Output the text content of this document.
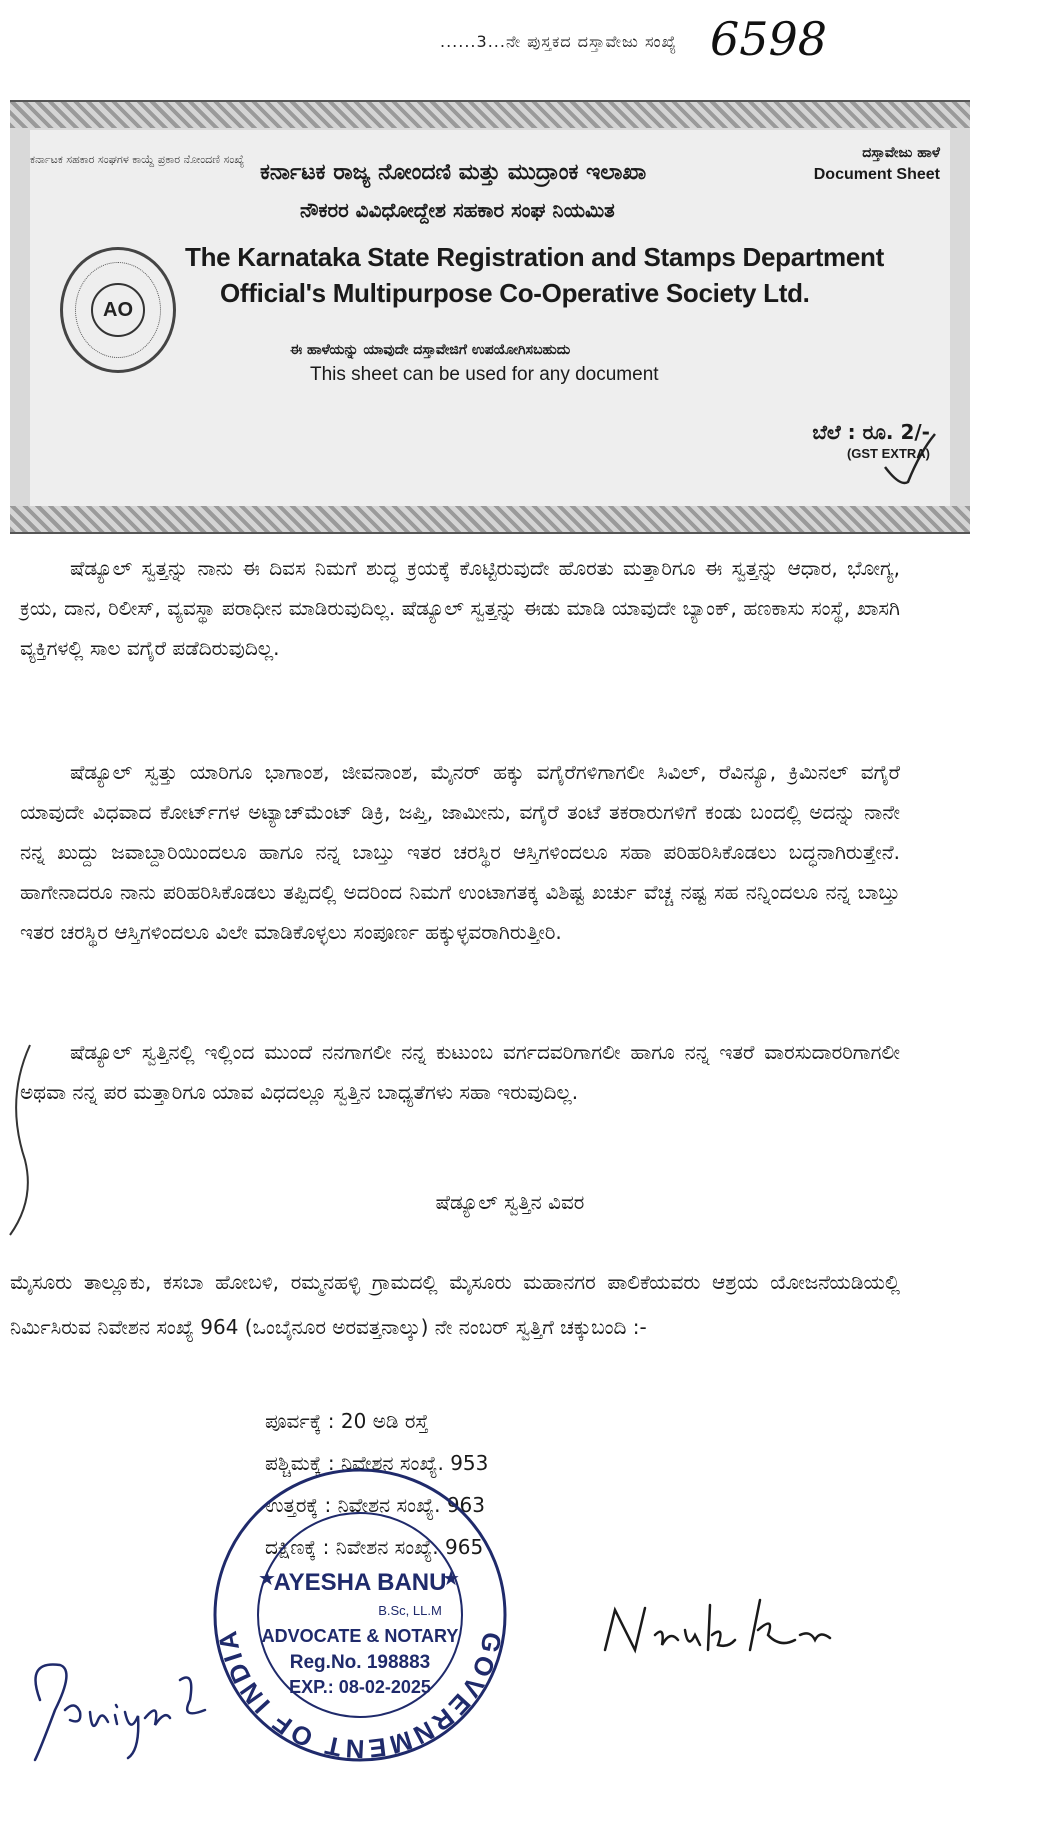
......3...ನೇ ಪುಸ್ತಕದ ದಸ್ತಾವೇಜು ಸಂಖ್ಯೆ 6598
ಕರ್ನಾಟಕ ಸಹಕಾರ ಸಂಘಗಳ ಕಾಯ್ದೆ ಪ್ರಕಾರ ನೋಂದಣಿ ಸಂಖ್ಯೆ	ದಸ್ತಾವೇಜು ಹಾಳೆ
Document Sheet
ಕರ್ನಾಟಕ ರಾಜ್ಯ ನೋಂದಣಿ ಮತ್ತು ಮುದ್ರಾಂಕ ಇಲಾಖಾ
ನೌಕರರ ವಿವಿಧೋದ್ದೇಶ ಸಹಕಾರ ಸಂಘ ನಿಯಮಿತ
AO
The Karnataka State Registration and Stamps Department
Official's Multipurpose Co-Operative Society Ltd.
ಈ ಹಾಳೆಯನ್ನು ಯಾವುದೇ ದಸ್ತಾವೇಜಿಗೆ ಉಪಯೋಗಿಸಬಹುದು
This sheet can be used for any document
ಬೆಲೆ : ರೂ. 2/-
(GST EXTRA)
ಷೆಡ್ಯೂಲ್ ಸ್ವತ್ತನ್ನು ನಾನು ಈ ದಿವಸ ನಿಮಗೆ ಶುದ್ಧ ಕ್ರಯಕ್ಕೆ ಕೊಟ್ಟಿರುವುದೇ ಹೊರತು ಮತ್ತಾರಿಗೂ ಈ ಸ್ವತ್ತನ್ನು ಆಧಾರ, ಭೋಗ್ಯ, ಕ್ರಯ, ದಾನ, ರಿಲೀಸ್, ವ್ಯವಸ್ಥಾ ಪರಾಧೀನ ಮಾಡಿರುವುದಿಲ್ಲ. ಷೆಡ್ಯೂಲ್ ಸ್ವತ್ತನ್ನು ಈಡು ಮಾಡಿ ಯಾವುದೇ ಬ್ಯಾಂಕ್, ಹಣಕಾಸು ಸಂಸ್ಥೆ, ಖಾಸಗಿ ವ್ಯಕ್ತಿಗಳಲ್ಲಿ ಸಾಲ ವಗೈರೆ ಪಡೆದಿರುವುದಿಲ್ಲ.
ಷೆಡ್ಯೂಲ್ ಸ್ವತ್ತು ಯಾರಿಗೂ ಭಾಗಾಂಶ, ಜೀವನಾಂಶ, ಮೈನರ್ ಹಕ್ಕು ವಗೈರೆಗಳಿಗಾಗಲೀ ಸಿವಿಲ್, ರೆವಿನ್ಯೂ, ಕ್ರಿಮಿನಲ್ ವಗೈರೆ ಯಾವುದೇ ವಿಧವಾದ ಕೋರ್ಟ್‌ಗಳ ಅಟ್ಯಾಚ್‌ಮೆಂಟ್ ಡಿಕ್ರಿ, ಜಪ್ತಿ, ಜಾಮೀನು, ವಗೈರೆ ತಂಟೆ ತಕರಾರುಗಳಿಗೆ ಕಂಡು ಬಂದಲ್ಲಿ ಅದನ್ನು ನಾನೇ ನನ್ನ ಖುದ್ದು ಜವಾಬ್ದಾರಿಯಿಂದಲೂ ಹಾಗೂ ನನ್ನ ಬಾಬ್ತು ಇತರ ಚರಸ್ಥಿರ ಆಸ್ತಿಗಳಿಂದಲೂ ಸಹಾ ಪರಿಹರಿಸಿಕೊಡಲು ಬದ್ಧನಾಗಿರುತ್ತೇನೆ. ಹಾಗೇನಾದರೂ ನಾನು ಪರಿಹರಿಸಿಕೊಡಲು ತಪ್ಪಿದಲ್ಲಿ ಅದರಿಂದ ನಿಮಗೆ ಉಂಟಾಗತಕ್ಕ ವಿಶಿಷ್ಟ ಖರ್ಚು ವೆಚ್ಚ ನಷ್ಟ ಸಹ ನನ್ನಿಂದಲೂ ನನ್ನ ಬಾಬ್ತು ಇತರ ಚರಸ್ಥಿರ ಆಸ್ತಿಗಳಿಂದಲೂ ವಿಲೇ ಮಾಡಿಕೊಳ್ಳಲು ಸಂಪೂರ್ಣ ಹಕ್ಕುಳ್ಳವರಾಗಿರುತ್ತೀರಿ.
ಷೆಡ್ಯೂಲ್ ಸ್ವತ್ತಿನಲ್ಲಿ ಇಲ್ಲಿಂದ ಮುಂದೆ ನನಗಾಗಲೀ ನನ್ನ ಕುಟುಂಬ ವರ್ಗದವರಿಗಾಗಲೀ ಹಾಗೂ ನನ್ನ ಇತರೆ ವಾರಸುದಾರರಿಗಾಗಲೀ ಅಥವಾ ನನ್ನ ಪರ ಮತ್ತಾರಿಗೂ ಯಾವ ವಿಧದಲ್ಲೂ ಸ್ವತ್ತಿನ ಬಾಧ್ಯತೆಗಳು ಸಹಾ ಇರುವುದಿಲ್ಲ.
ಷೆಡ್ಯೂಲ್ ಸ್ವತ್ತಿನ ವಿವರ
ಮೈಸೂರು ತಾಲ್ಲೂಕು, ಕಸಬಾ ಹೋಬಳಿ, ರಮ್ಮನಹಳ್ಳಿ ಗ್ರಾಮದಲ್ಲಿ ಮೈಸೂರು ಮಹಾನಗರ ಪಾಲಿಕೆಯವರು ಆಶ್ರಯ ಯೋಜನೆಯಡಿಯಲ್ಲಿ ನಿರ್ಮಿಸಿರುವ ನಿವೇಶನ ಸಂಖ್ಯೆ 964 (ಒಂಬೈನೂರ ಅರವತ್ತನಾಲ್ಕು) ನೇ ನಂಬರ್ ಸ್ವತ್ತಿಗೆ ಚಕ್ಕುಬಂದಿ :-
ಪೂರ್ವಕ್ಕೆ : 20 ಅಡಿ ರಸ್ತೆ
ಪಶ್ಚಿಮಕ್ಕೆ : ನಿವೇಶನ ಸಂಖ್ಯೆ. 953
ಉತ್ತರಕ್ಕೆ : ನಿವೇಶನ ಸಂಖ್ಯೆ. 963
ದಕ್ಷಿಣಕ್ಕೆ : ನಿವೇಶನ ಸಂಖ್ಯೆ. 965
GOVERNMENT OF INDIA
★	★
AYESHA BANU
B.Sc, LL.M
ADVOCATE & NOTARY
Reg.No. 198883
EXP.: 08-02-2025
